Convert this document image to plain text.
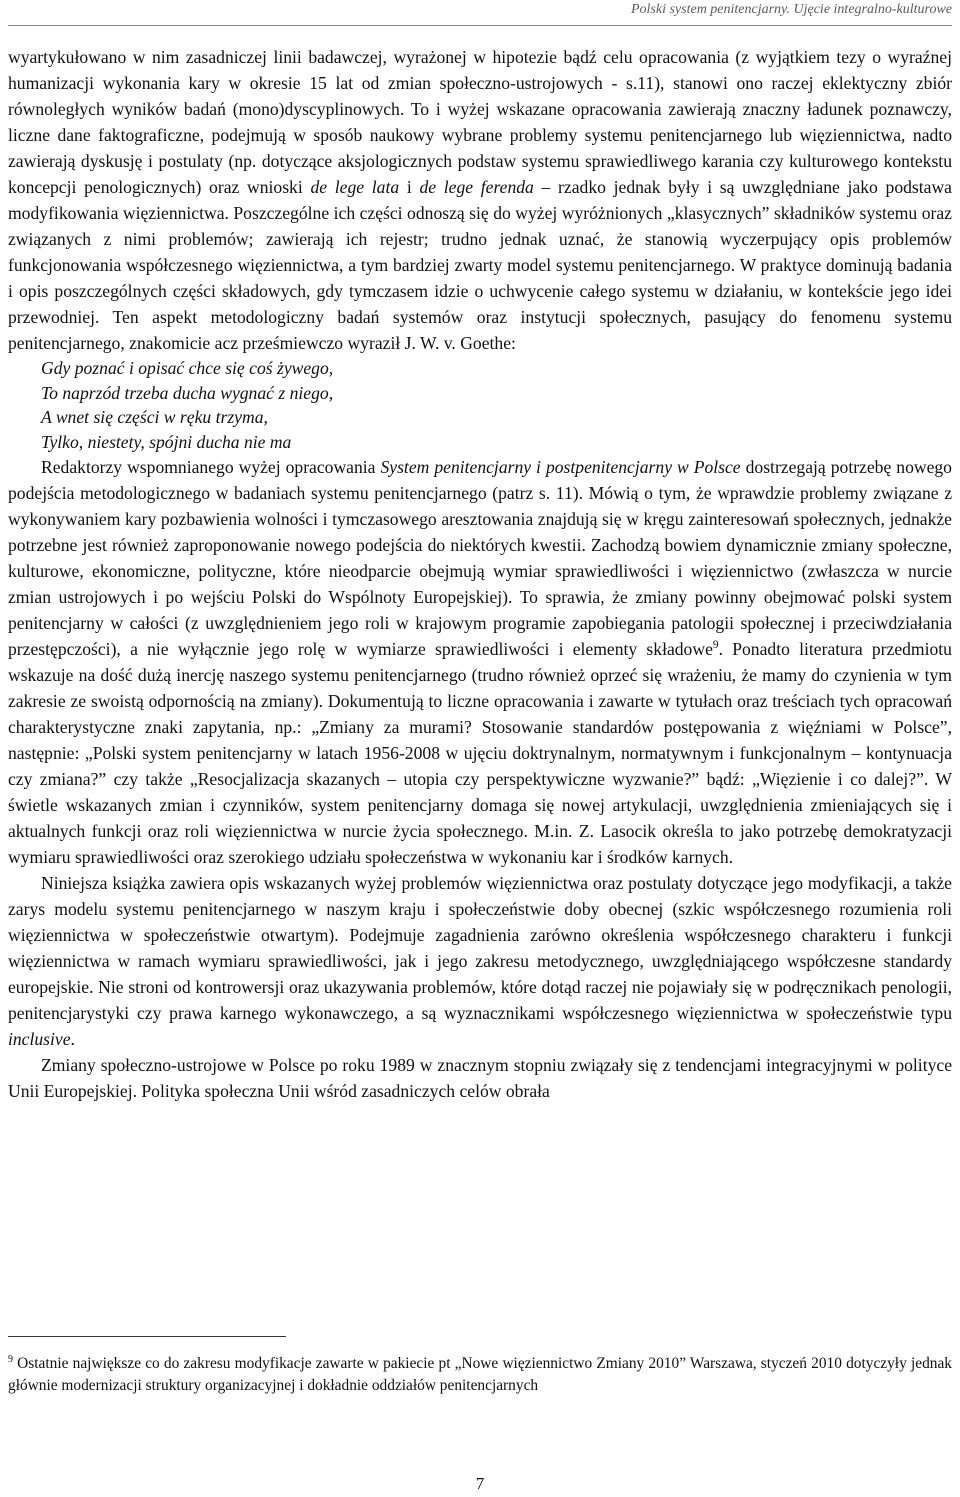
Polski system penitencjarny. Ujęcie integralno-kulturowe

wyartykułowano w nim zasadniczej linii badawczej, wyrażonej w hipotezie bądź celu opracowania (z wyjątkiem tezy o wyraźnej humanizacji wykonania kary w okresie 15 lat od zmian społeczno-ustrojowych - s.11), stanowi ono raczej eklektyczny zbiór równoległych wyników badań (mono)dyscyplinowych. To i wyżej wskazane opracowania zawierają znaczny ładunek poznawczy, liczne dane faktograficzne, podejmują w sposób naukowy wybrane problemy systemu penitencjarnego lub więziennictwa, nadto zawierają dyskusję i postulaty (np. dotyczące aksjologicznych podstaw systemu sprawiedliwego karania czy kulturowego kontekstu koncepcji penologicznych) oraz wnioski de lege lata i de lege ferenda – rzadko jednak były i są uwzględniane jako podstawa modyfikowania więziennictwa. Poszczególne ich części odnoszą się do wyżej wyróżnionych „klasycznych” składników systemu oraz związanych z nimi problemów; zawierają ich rejestr; trudno jednak uznać, że stanowią wyczerpujący opis problemów funkcjonowania współczesnego więziennictwa, a tym bardziej zwarty model systemu penitencjarnego. W praktyce dominują badania i opis poszczególnych części składowych, gdy tymczasem idzie o uchwycenie całego systemu w działaniu, w kontekście jego idei przewodniej. Ten aspekt metodologiczny badań systemów oraz instytucji społecznych, pasujący do fenomenu systemu penitencjarnego, znakomicie acz prześmiewczo wyraził J. W. v. Goethe:

Gdy poznać i opisać chce się coś żywego,
To naprzód trzeba ducha wygnać z niego,
A wnet się części w ręku trzyma,
Tylko, niestety, spójni ducha nie ma

Redaktorzy wspomnianego wyżej opracowania System penitencjarny i postpenitencjarny w Polsce dostrzegają potrzebę nowego podejścia metodologicznego w badaniach systemu penitencjarnego (patrz s. 11). Mówią o tym, że wprawdzie problemy związane z wykonywaniem kary pozbawienia wolności i tymczasowego aresztowania znajdują się w kręgu zainteresowań społecznych, jednakże potrzebne jest również zaproponowanie nowego podejścia do niektórych kwestii. Zachodzą bowiem dynamicznie zmiany społeczne, kulturowe, ekonomiczne, polityczne, które nieodparcie obejmują wymiar sprawiedliwości i więziennictwo (zwłaszcza w nurcie zmian ustrojowych i po wejściu Polski do Wspólnoty Europejskiej). To sprawia, że zmiany powinny obejmować polski system penitencjarny w całości (z uwzględnieniem jego roli w krajowym programie zapobiegania patologii społecznej i przeciwdziałania przestępczości), a nie wyłącznie jego rolę w wymiarze sprawiedliwości i elementy składowe$^9$. Ponadto literatura przedmiotu wskazuje na dość dużą inercję naszego systemu penitencjarnego (trudno również oprzeć się wrażeniu, że mamy do czynienia w tym zakresie ze swoistą odpornością na zmiany). Dokumentują to liczne opracowania i zawarte w tytułach oraz treściach tych opracowań charakterystyczne znaki zapytania, np.: „Zmiany za murami? Stosowanie standardów postępowania z więźniami w Polsce”, następnie: „Polski system penitencjarny w latach 1956-2008 w ujęciu doktrynalnym, normatywnym i funkcjonalnym – kontynuacja czy zmiana?” czy także „Resocjalizacja skazanych – utopia czy perspektywiczne wyzwanie?” bądź: „Więzienie i co dalej?”. W świetle wskazanych zmian i czynników, system penitencjarny domaga się nowej artykulacji, uwzględnienia zmieniających się i aktualnych funkcji oraz roli więziennictwa w nurcie życia społecznego. M.in. Z. Lasocik określa to jako potrzebę demokratyzacji wymiaru sprawiedliwości oraz szerokiego udziału społeczeństwa w wykonaniu kar i środków karnych.

Niniejsza książka zawiera opis wskazanych wyżej problemów więziennictwa oraz postulaty dotyczące jego modyfikacji, a także zarys modelu systemu penitencjarnego w naszym kraju i społeczeństwie doby obecnej (szkic współczesnego rozumienia roli więziennictwa w społeczeństwie otwartym). Podejmuje zagadnienia zarówno określenia współczesnego charakteru i funkcji więziennictwa w ramach wymiaru sprawiedliwości, jak i jego zakresu metodycznego, uwzględniającego współczesne standardy europejskie. Nie stroni od kontrowersji oraz ukazywania problemów, które dotąd raczej nie pojawiały się w podręcznikach penologii, penitencjarystyki czy prawa karnego wykonawczego, a są wyznacznikami współczesnego więziennictwa w społeczeństwie typu inclusive.

Zmiany społeczno-ustrojowe w Polsce po roku 1989 w znacznym stopniu związały się z tendencjami integracyjnymi w polityce Unii Europejskiej. Polityka społeczna Unii wśród zasadniczych celów obrała

$^9$ Ostatnie największe co do zakresu modyfikacje zawarte w pakiecie pt „Nowe więziennictwo Zmiany 2010” Warszawa, styczeń 2010 dotyczyły jednak głównie modernizacji struktury organizacyjnej i dokładnie oddziałów penitencjarnych
7
